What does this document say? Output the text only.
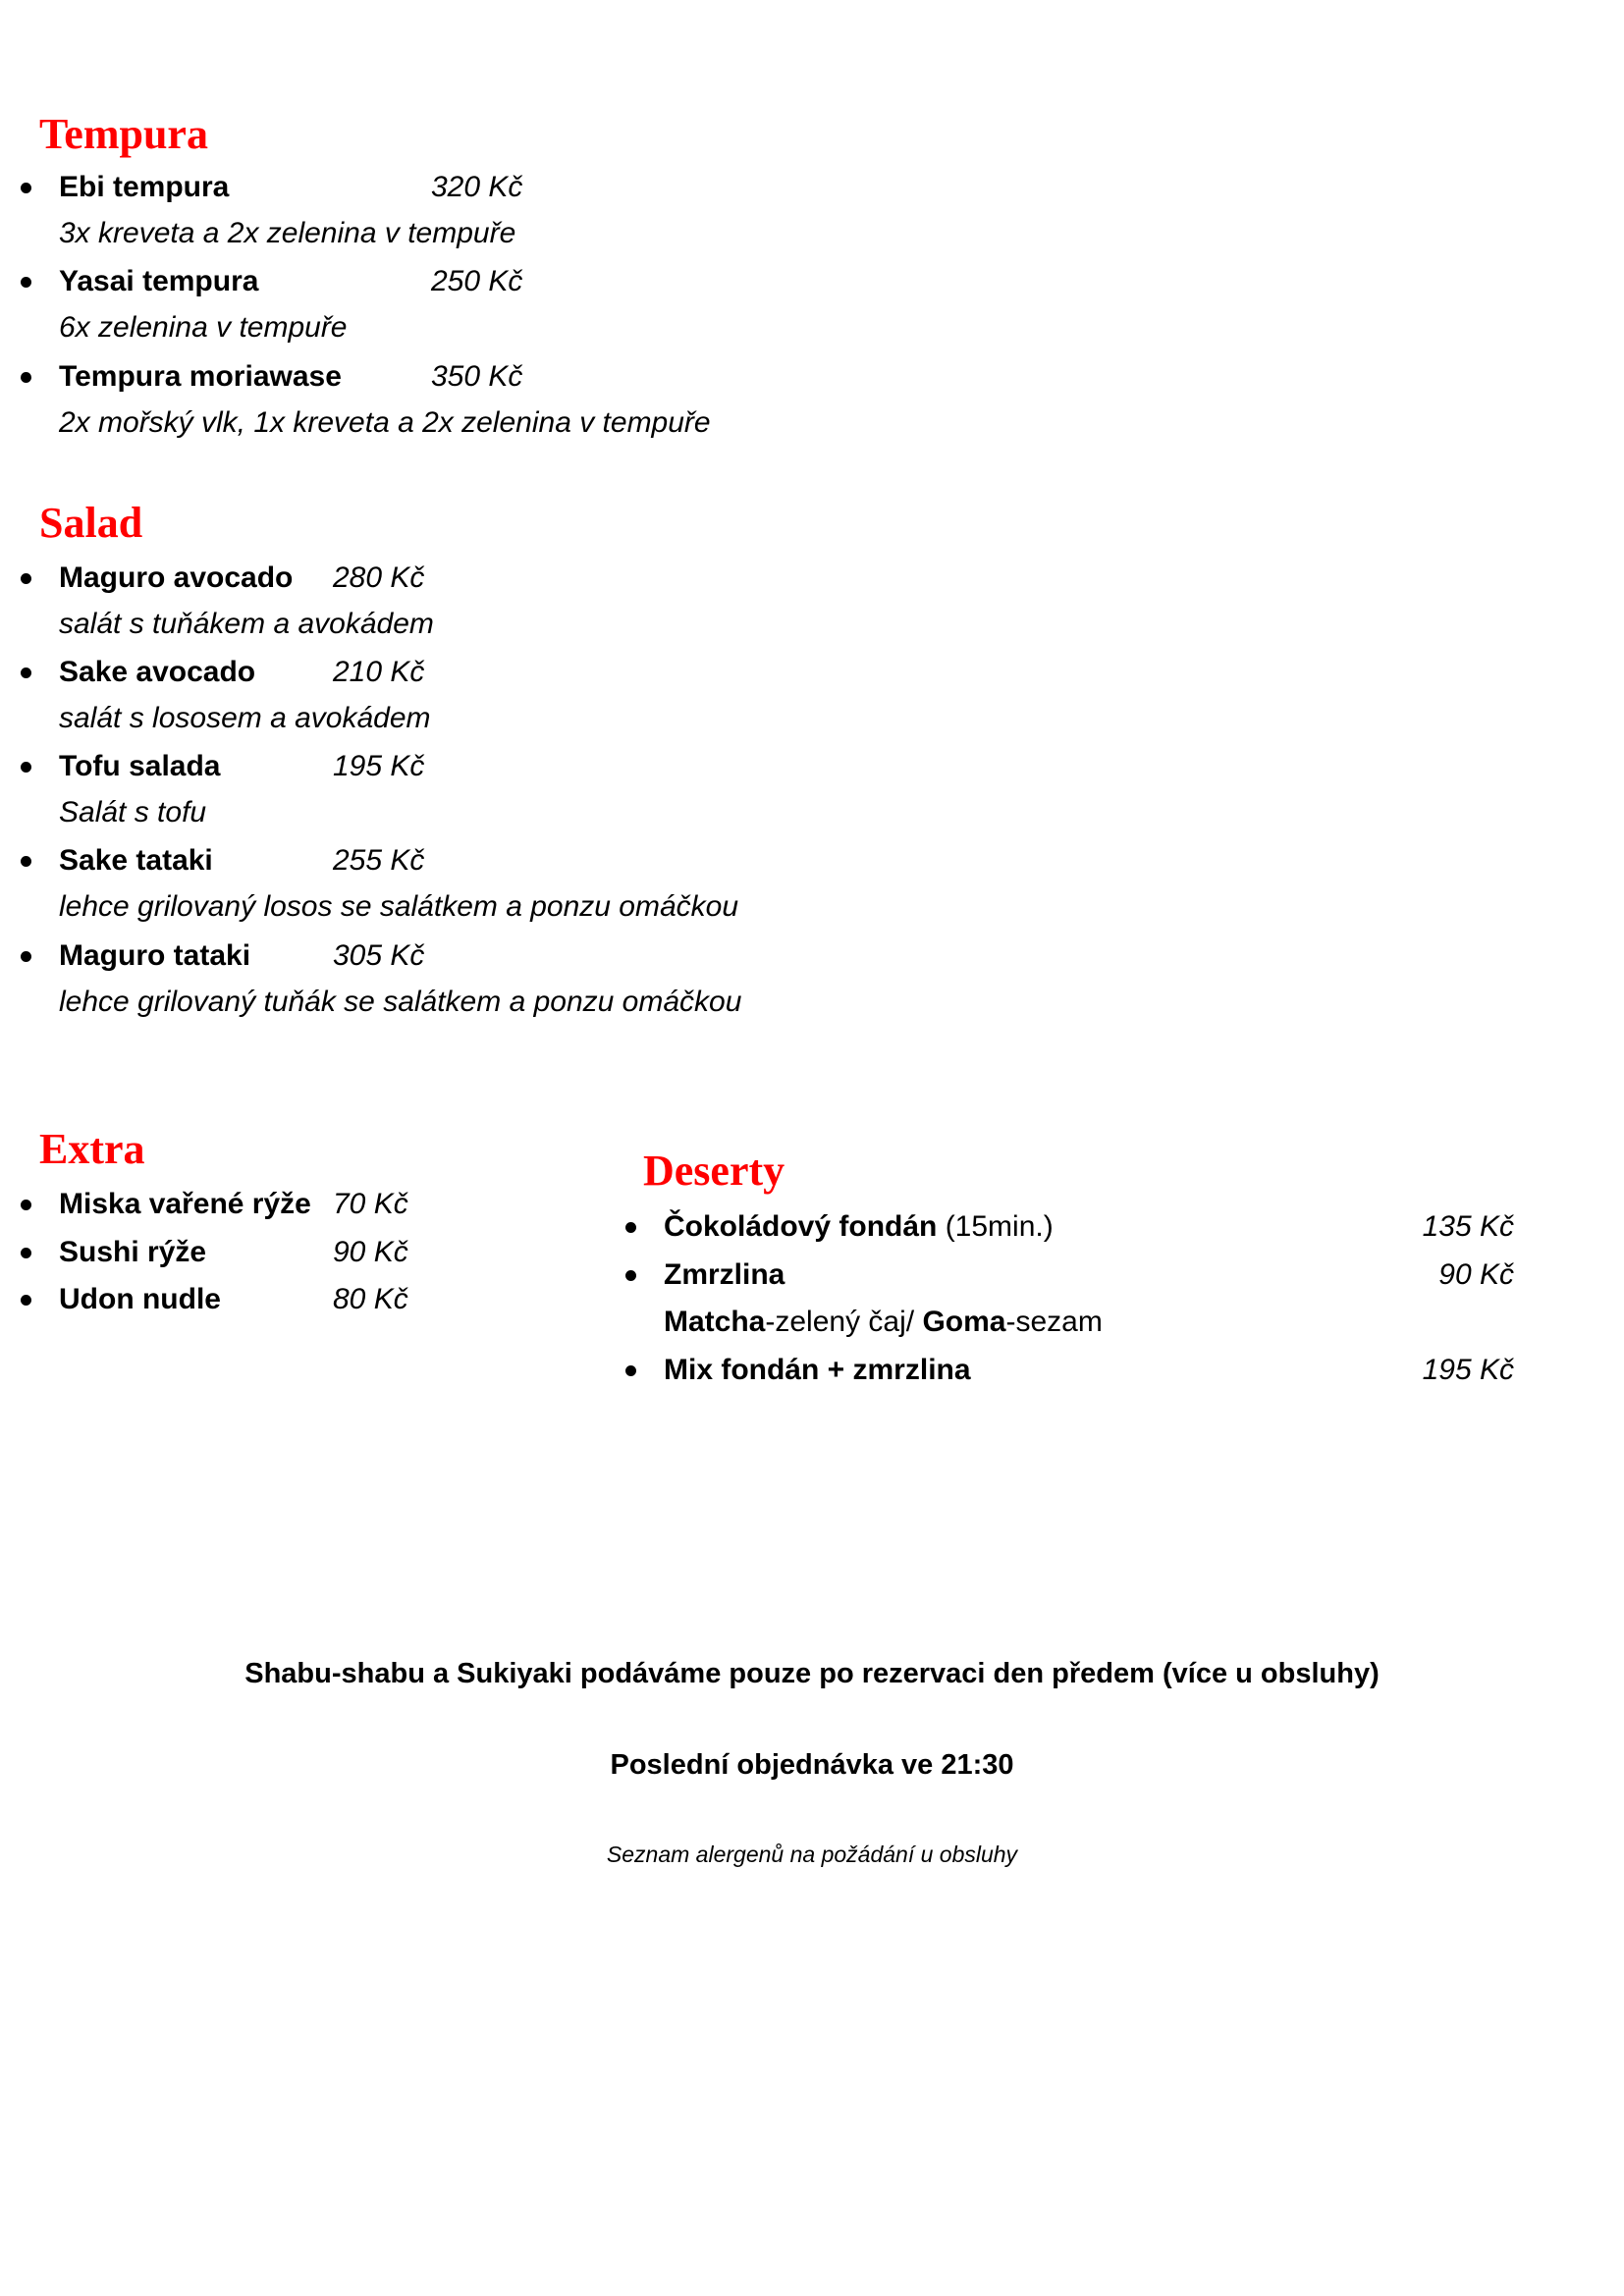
Tempura
Ebi tempura	320 Kč
3x kreveta a 2x zelenina v tempuře
Yasai tempura	250 Kč
6x zelenina v tempuře
Tempura moriawase	350 Kč
2x mořský vlk, 1x kreveta a 2x zelenina v tempuře
Salad
Maguro avocado 280 Kč
salát s tuňákem a avokádem
Sake avocado	210 Kč
salát s lososem a avokádem
Tofu salada	195 Kč
Salát s tofu
Sake tataki	255 Kč
lehce grilovaný losos se salátkem a ponzu omáčkou
Maguro tataki	305 Kč
lehce grilovaný tuňák se salátkem a ponzu omáčkou
Extra
Miska vařené rýže 70 Kč
Sushi rýže	90 Kč
Udon nudle	80 Kč
Deserty
Čokoládový fondán (15min.)	135 Kč
Zmrzlina	90 Kč
Matcha-zelený čaj/ Goma-sezam
Mix fondán + zmrzlina	195 Kč
Shabu-shabu a Sukiyaki podáváme pouze po rezervaci den předem (více u obsluhy)
Poslední objednávka ve 21:30
Seznam alergenů na požádání u obsluhy
